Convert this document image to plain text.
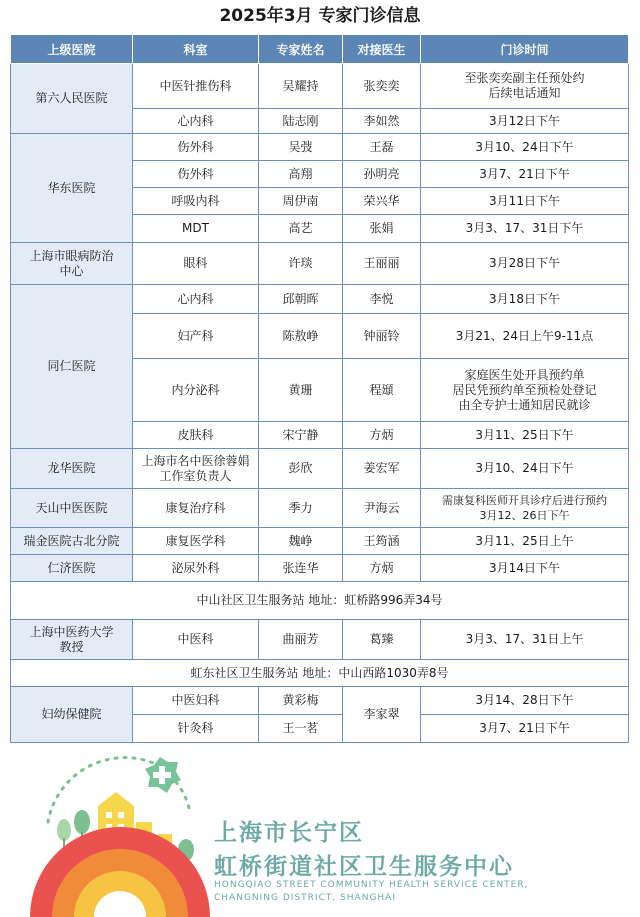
2025年3月 专家门诊信息
上级医院	科室	专家姓名	对接医生	门诊时间
第六人民医院	中医针推伤科	吴耀持	张奕奕	至张奕奕副主任预处约
后续电话通知
	心内科	陆志刚	李如然	3月12日下午
华东医院	伤外科	吴弢	王磊	3月10、24日下午
	伤外科	高翔	孙明亮	3月7、21日下午
	呼吸内科	周伊南	荣兴华	3月11日下午
	MDT	高艺	张娟	3月3、17、31日下午
上海市眼病防治
中心	眼科	许琰	王丽丽	3月28日下午
同仁医院	心内科	邱朝晖	李悦	3月18日下午
	妇产科	陈敖峥	钟丽铃	3月21、24日上午9-11点
	内分泌科	黄珊	程頲	家庭医生处开具预约单
居民凭预约单至预检处登记
由全专护士通知居民就诊
	皮肤科	宋宁静	方炳	3月11、25日下午
龙华医院	上海市名中医徐蓉娟
工作室负责人	彭欣	姜宏军	3月10、24日下午
天山中医医院	康复治疗科	季力	尹海云	需康复科医师开具诊疗后进行预约
3月12、26日下午
瑞金医院古北分院	康复医学科	魏峥	王筠涵	3月11、25日上午
仁济医院	泌尿外科	张连华	方炳	3月14日下午
中山社区卫生服务站 地址：虹桥路996弄34号				
上海中医药大学
教授	中医科	曲丽芳	葛臻	3月3、17、31日上午
虹东社区卫生服务站 地址：中山西路1030弄8号				
妇幼保健院	中医妇科	黄彩梅	李家翠	3月14、28日下午
	针灸科	王一茗		3月7、21日下午
上海市长宁区
虹桥街道社区卫生服务中心
HONGQIAO STREET COMMUNITY HEALTH SERVICE CENTER,
CHANGNING DISTRICT, SHANGHAI
